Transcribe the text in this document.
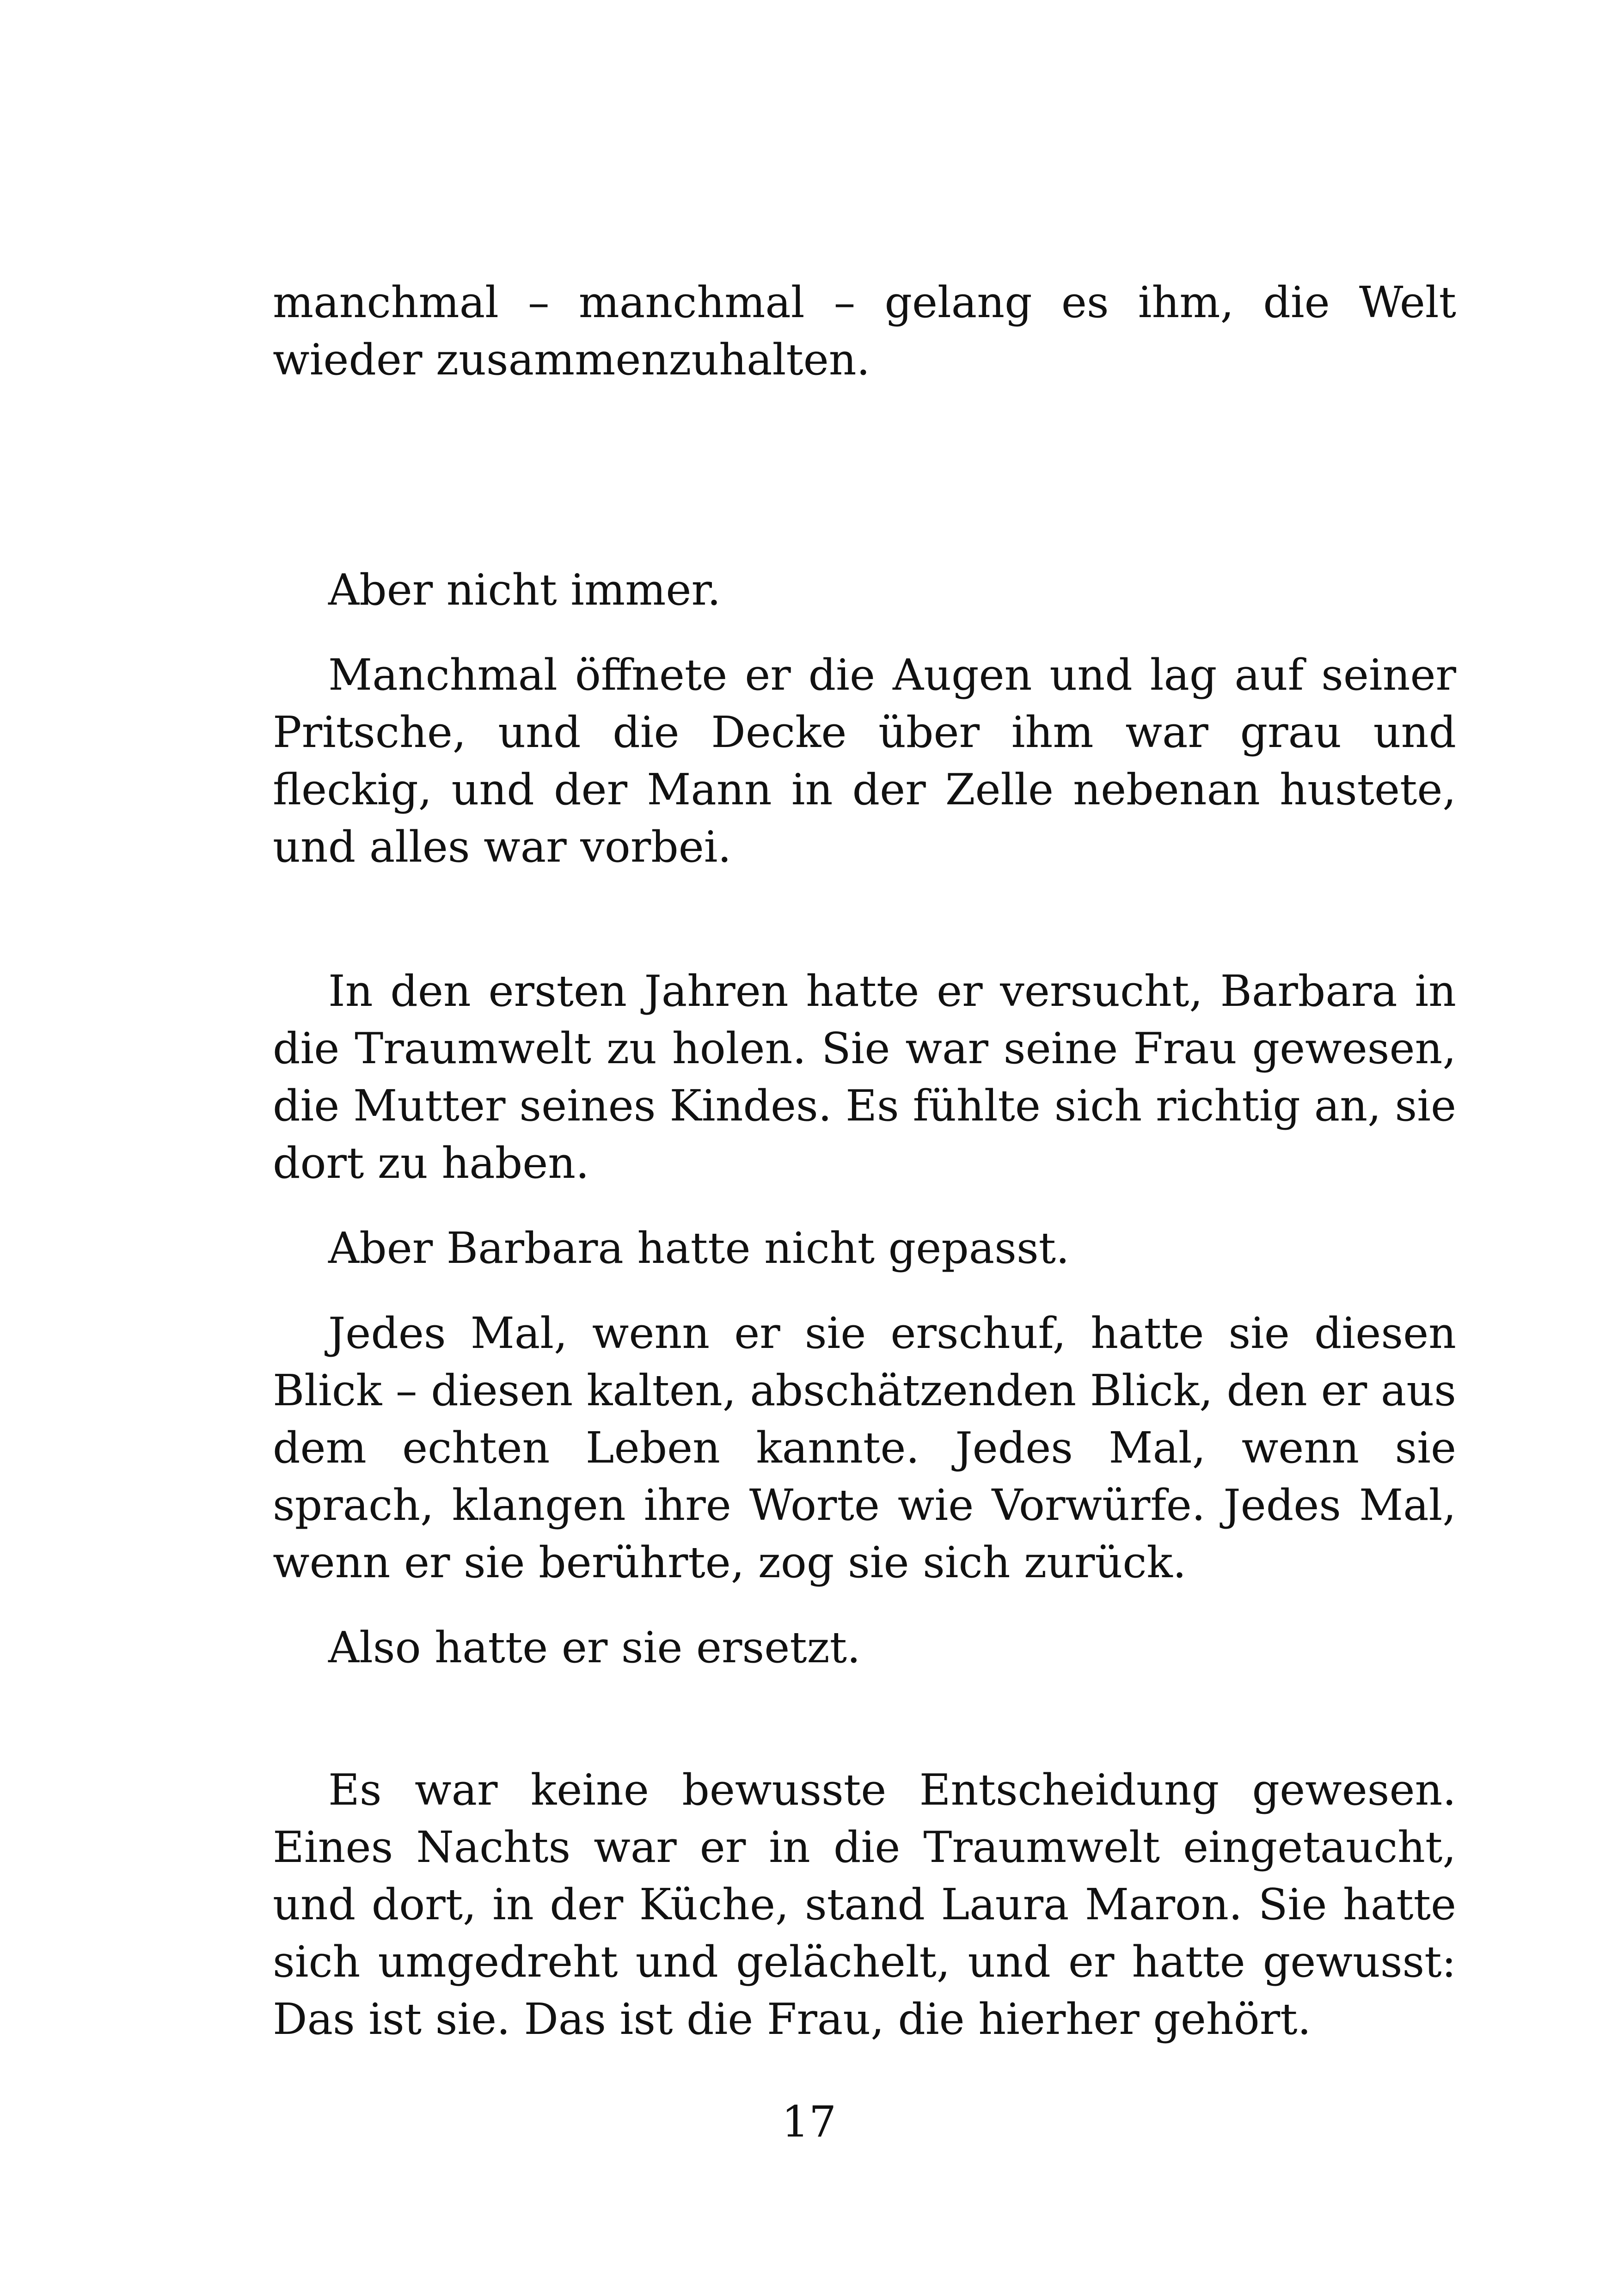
manchmal – manchmal – gelang es ihm, die Welt wieder zusammenzuhalten.

Aber nicht immer.

Manchmal öffnete er die Augen und lag auf seiner Pritsche, und die Decke über ihm war grau und fleckig, und der Mann in der Zelle nebenan hustete, und alles war vorbei.

In den ersten Jahren hatte er versucht, Barbara in die Traumwelt zu holen. Sie war seine Frau gewesen, die Mutter seines Kindes. Es fühlte sich richtig an, sie dort zu haben.

Aber Barbara hatte nicht gepasst.

Jedes Mal, wenn er sie erschuf, hatte sie diesen Blick – diesen kalten, abschätzenden Blick, den er aus dem echten Leben kannte. Jedes Mal, wenn sie sprach, klangen ihre Worte wie Vorwürfe. Jedes Mal, wenn er sie berührte, zog sie sich zurück.

Also hatte er sie ersetzt.

Es war keine bewusste Entscheidung gewesen. Eines Nachts war er in die Traumwelt eingetaucht, und dort, in der Küche, stand Laura Maron. Sie hatte sich umgedreht und gelächelt, und er hatte gewusst: Das ist sie. Das ist die Frau, die hierher gehört.

17
